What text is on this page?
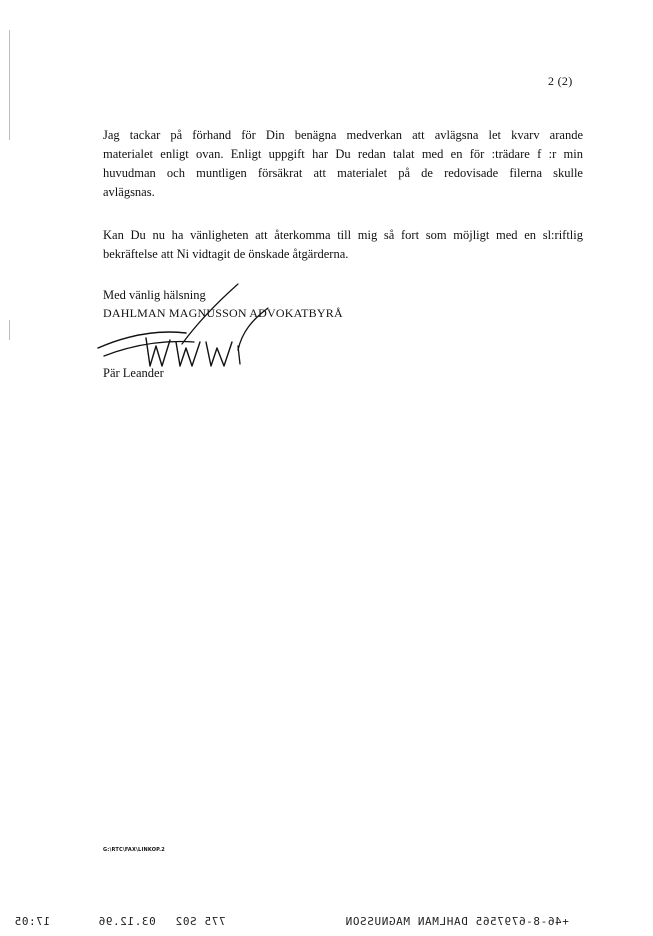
2 (2)
Jag tackar på förhand för Din benägna medverkan att avlägsna let kvarv arande
materialet enligt ovan. Enligt uppgift har Du redan talat med en för :trädare f :r min
huvudman och muntligen försäkrat att materialet på de redovisade filerna skulle
avlägsnas.
Kan Du nu ha vänligheten att återkomma till mig så fort som möjligt med en sl:riftlig
bekräftelse att Ni vidtagit de önskade åtgärderna.
Med vänlig hälsning
DAHLMAN MAGNUSSON ADVOKATBYRÅ
Pär Leander
G:\RTC\FAX\LINKOP.2
17:05	03.12.96 775 S02	+46-8-6797565 DAHLMAN MAGNUSSON
